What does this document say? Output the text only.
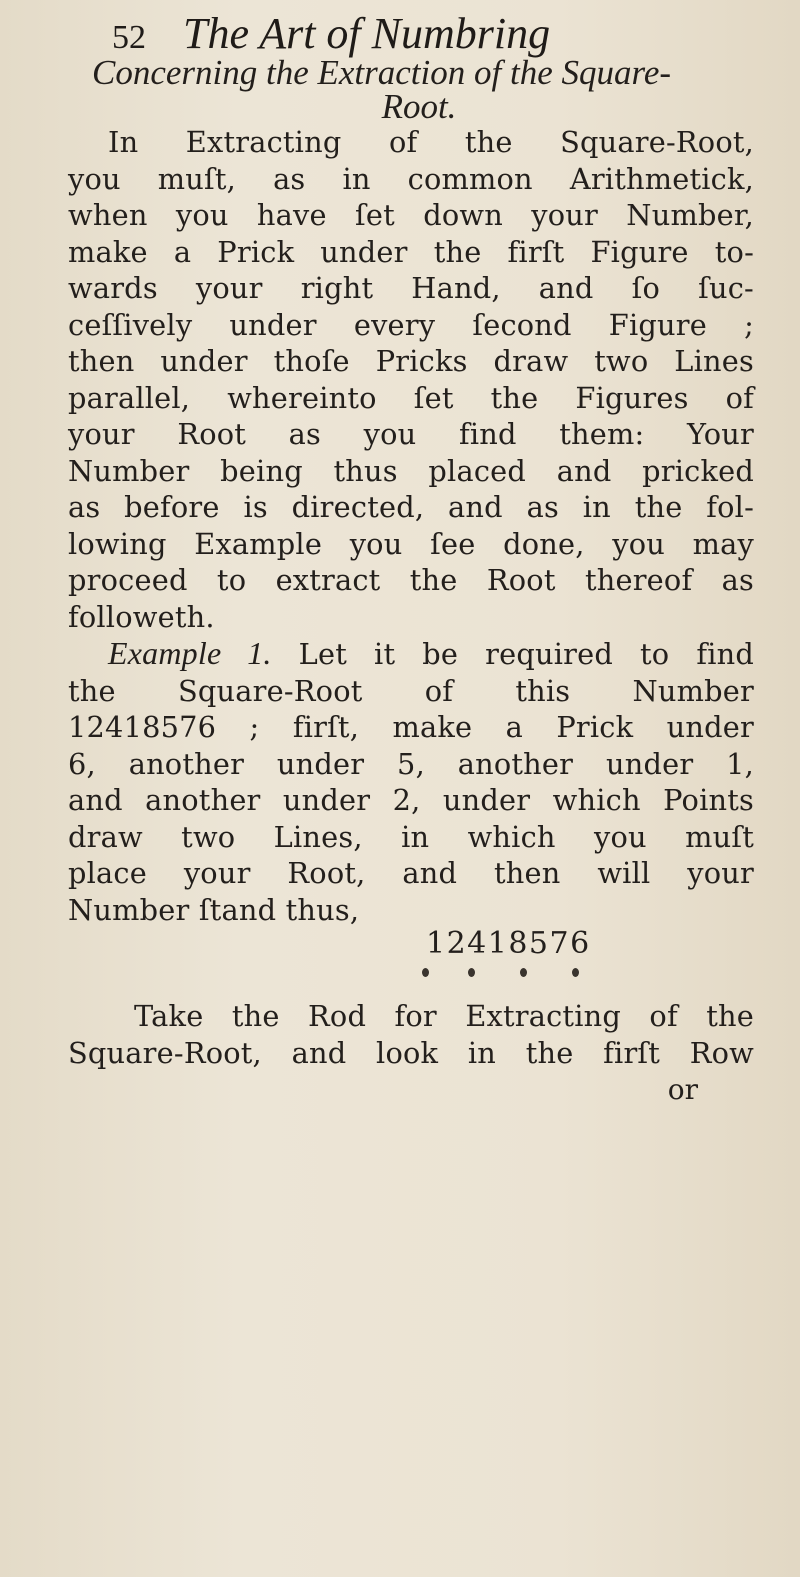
52 The Art of Numbring
Concerning the Extraction of the Square-
Root.
In Extracting of the Square-Root,
you muſt, as in common Arithmetick,
when you have ſet down your Number,
make a Prick under the firſt Figure to-
wards your right Hand, and ſo ſuc-
ceſſively under every ſecond Figure ;
then under thoſe Pricks draw two Lines
parallel, whereinto ſet the Figures of
your Root as you find them: Your
Number being thus placed and pricked
as before is directed, and as in the fol-
lowing Example you ſee done, you may
proceed to extract the Root thereof as
followeth.
Example 1. Let it be required to find
the Square-Root of this Number
12418576 ; firſt, make a Prick under
6, another under 5, another under 1,
and another under 2, under which Points
draw two Lines, in which you muſt
place your Root, and then will your
Number ſtand thus,
12418576
Take the Rod for Extracting of the
Square-Root, and look in the firſt Row
or
